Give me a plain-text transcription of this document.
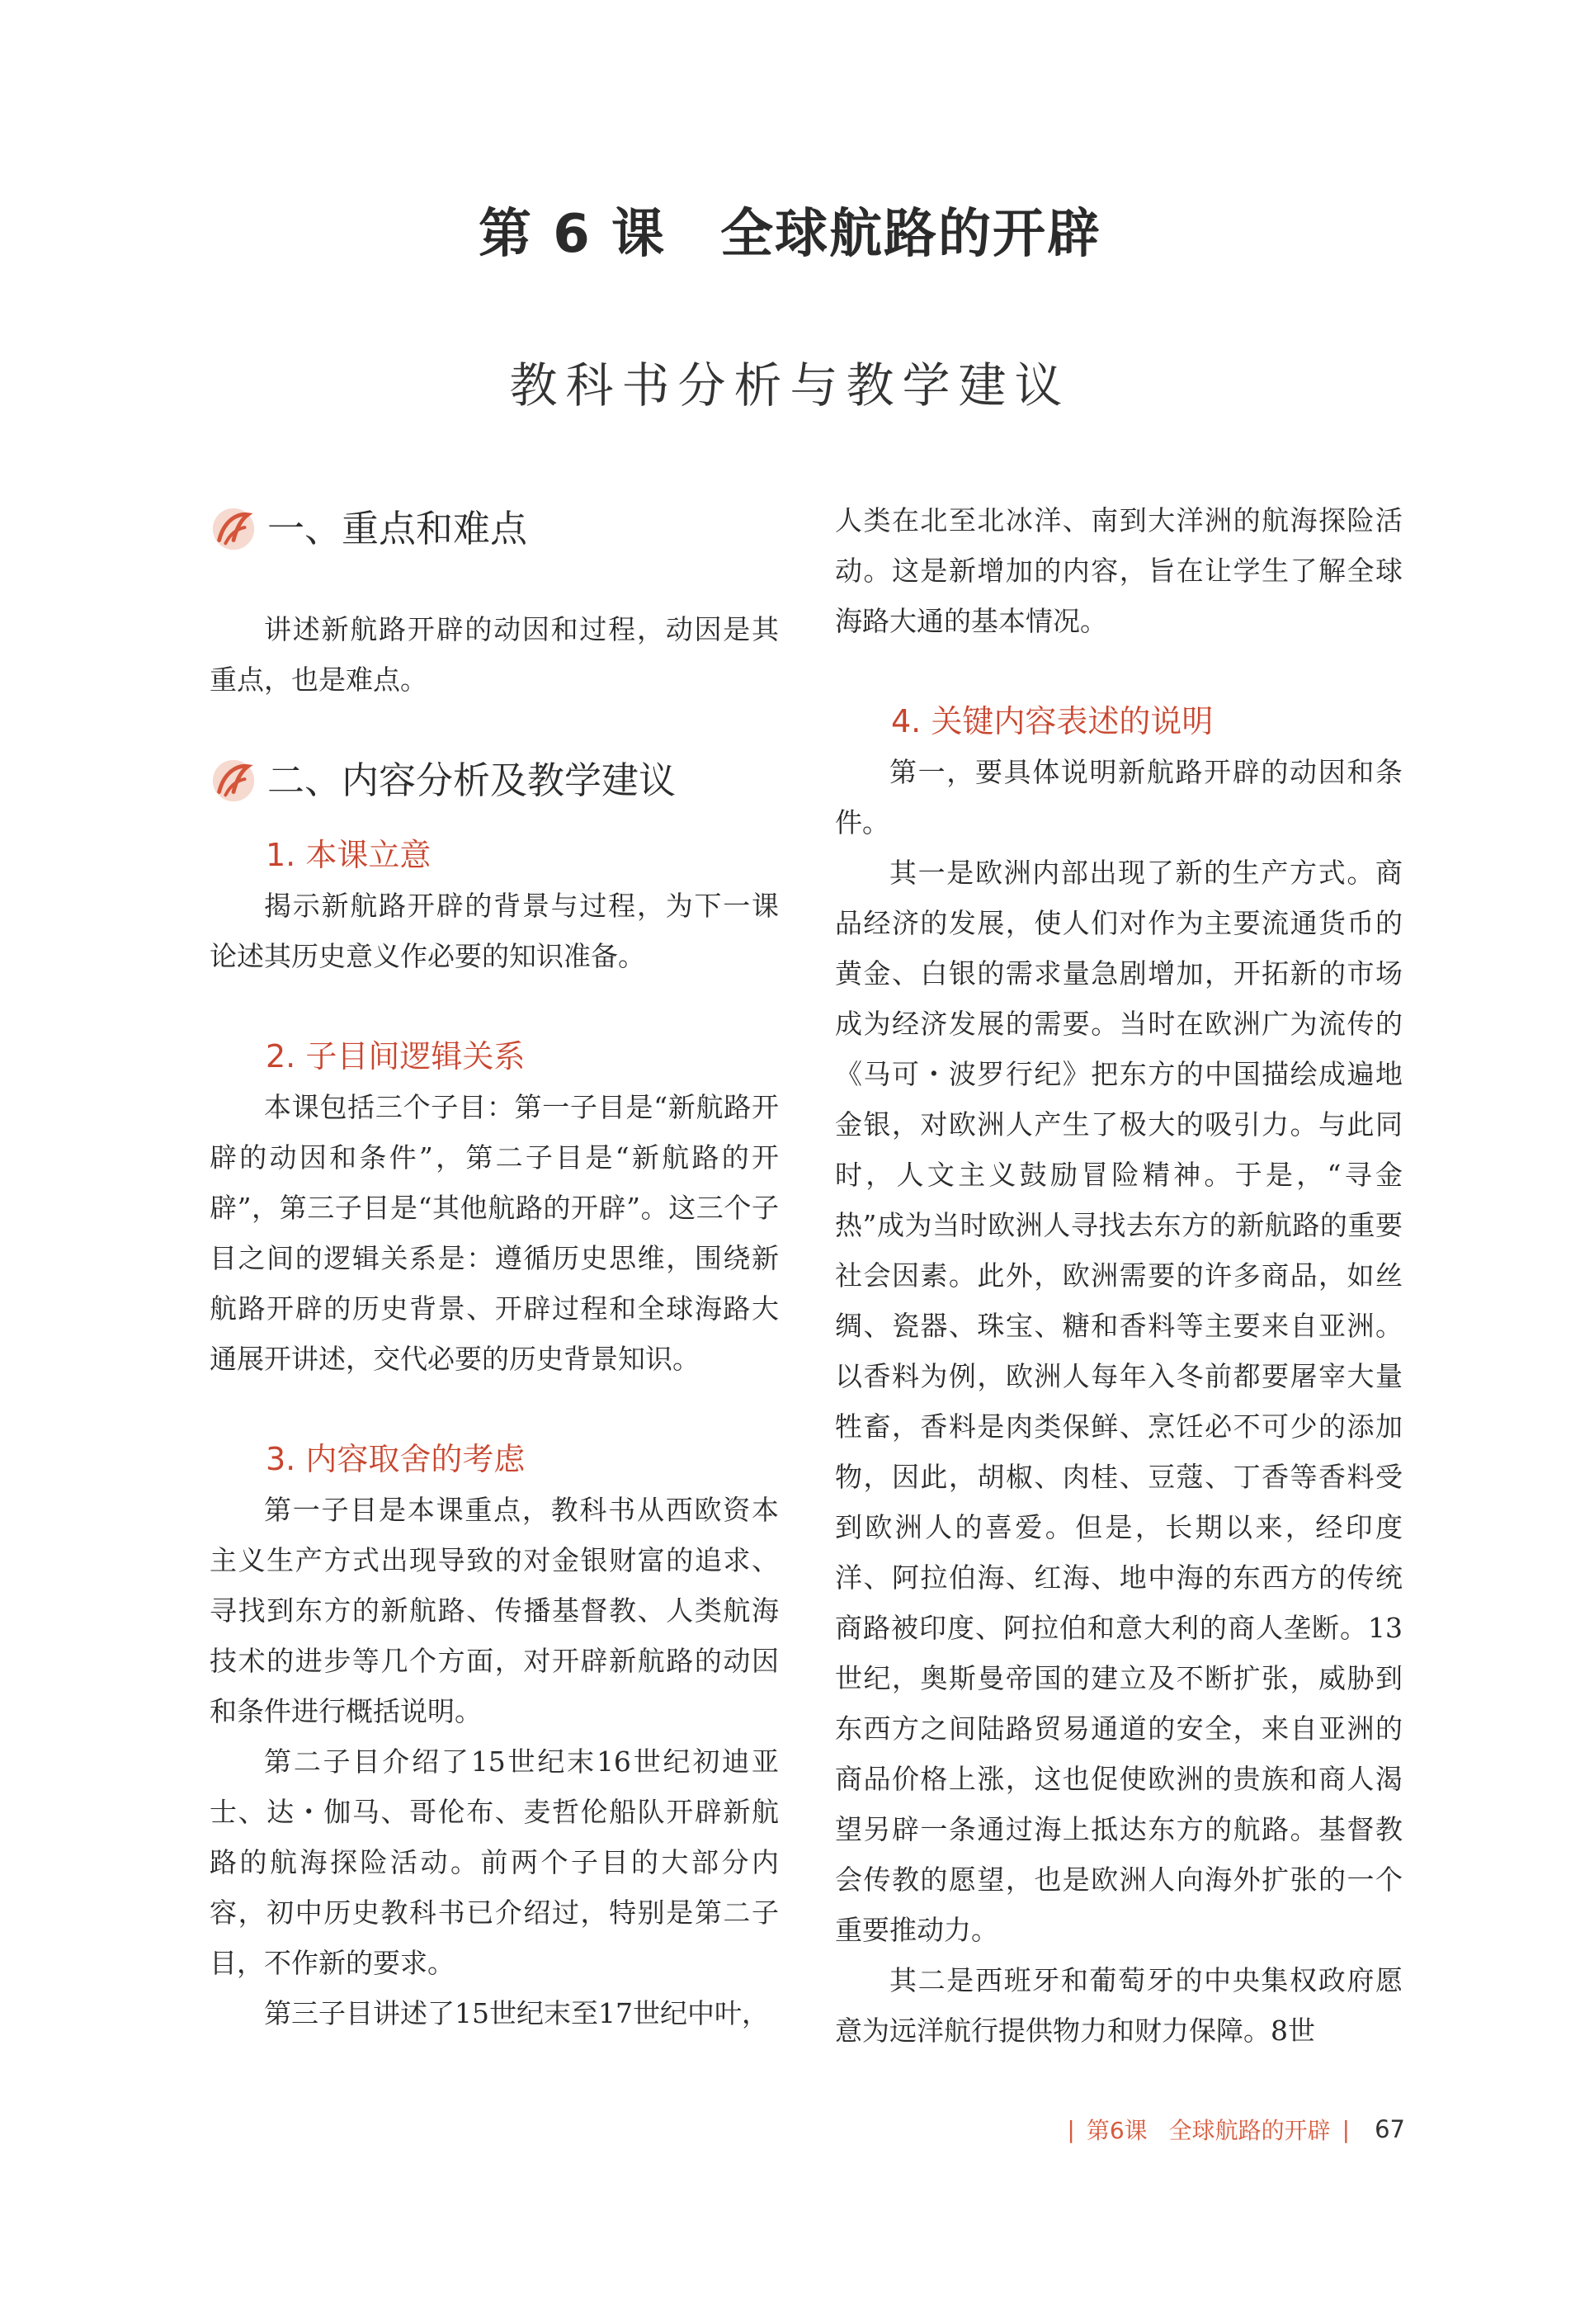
第 6 课　全球航路的开辟
教科书分析与教学建议
一、重点和难点

讲述新航路开辟的动因和过程，动因是其重点，也是难点。

二、内容分析及教学建议
1. 本课立意

揭示新航路开辟的背景与过程，为下一课论述其历史意义作必要的知识准备。

2. 子目间逻辑关系

本课包括三个子目：第一子目是“新航路开辟的动因和条件”，第二子目是“新航路的开辟”，第三子目是“其他航路的开辟”。这三个子目之间的逻辑关系是：遵循历史思维，围绕新航路开辟的历史背景、开辟过程和全球海路大通展开讲述，交代必要的历史背景知识。

3. 内容取舍的考虑

第一子目是本课重点，教科书从西欧资本主义生产方式出现导致的对金银财富的追求、寻找到东方的新航路、传播基督教、人类航海技术的进步等几个方面，对开辟新航路的动因和条件进行概括说明。

第二子目介绍了15世纪末16世纪初迪亚士、达・伽马、哥伦布、麦哲伦船队开辟新航路的航海探险活动。前两个子目的大部分内容，初中历史教科书已介绍过，特别是第二子目，不作新的要求。

第三子目讲述了15世纪末至17世纪中叶，

人类在北至北冰洋、南到大洋洲的航海探险活动。这是新增加的内容，旨在让学生了解全球海路大通的基本情况。

4. 关键内容表述的说明

第一，要具体说明新航路开辟的动因和条件。

其一是欧洲内部出现了新的生产方式。商品经济的发展，使人们对作为主要流通货币的黄金、白银的需求量急剧增加，开拓新的市场成为经济发展的需要。当时在欧洲广为流传的《马可・波罗行纪》把东方的中国描绘成遍地金银，对欧洲人产生了极大的吸引力。与此同时，人文主义鼓励冒险精神。于是，“寻金热”成为当时欧洲人寻找去东方的新航路的重要社会因素。此外，欧洲需要的许多商品，如丝绸、瓷器、珠宝、糖和香料等主要来自亚洲。以香料为例，欧洲人每年入冬前都要屠宰大量牲畜，香料是肉类保鲜、烹饪必不可少的添加物，因此，胡椒、肉桂、豆蔻、丁香等香料受到欧洲人的喜爱。但是，长期以来，经印度洋、阿拉伯海、红海、地中海的东西方的传统商路被印度、阿拉伯和意大利的商人垄断。13世纪，奥斯曼帝国的建立及不断扩张，威胁到东西方之间陆路贸易通道的安全，来自亚洲的商品价格上涨，这也促使欧洲的贵族和商人渴望另辟一条通过海上抵达东方的航路。基督教会传教的愿望，也是欧洲人向海外扩张的一个重要推动力。

其二是西班牙和葡萄牙的中央集权政府愿意为远洋航行提供物力和财力保障。8世

| 第6课 全球航路的开辟 | 67
